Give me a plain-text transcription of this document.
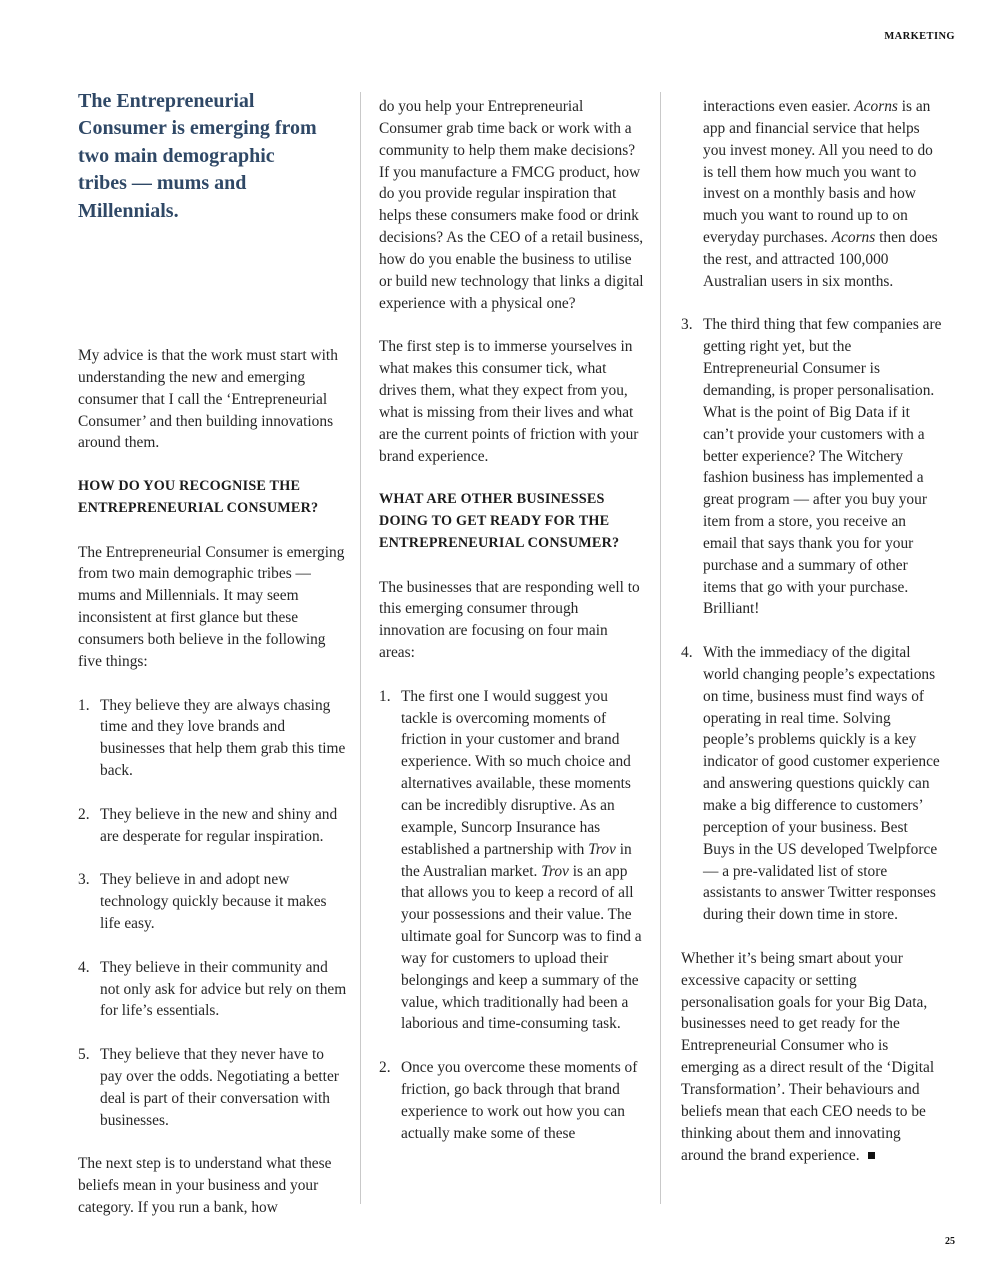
MARKETING

The Entrepreneurial Consumer is emerging from two main demographic tribes — mums and Millennials.

My advice is that the work must start with understanding the new and emerging consumer that I call the ‘Entrepreneurial Consumer’ and then building innovations around them.

HOW DO YOU RECOGNISE THE ENTREPRENEURIAL CONSUMER?

The Entrepreneurial Consumer is emerging from two main demographic tribes — mums and Millennials. It may seem inconsistent at first glance but these consumers both believe in the following five things:

1. They believe they are always chasing time and they love brands and businesses that help them grab this time back.
2. They believe in the new and shiny and are desperate for regular inspiration.
3. They believe in and adopt new technology quickly because it makes life easy.
4. They believe in their community and not only ask for advice but rely on them for life’s essentials.
5. They believe that they never have to pay over the odds. Negotiating a better deal is part of their conversation with businesses.

The next step is to understand what these beliefs mean in your business and your category. If you run a bank, how

do you help your Entrepreneurial Consumer grab time back or work with a community to help them make decisions? If you manufacture a FMCG product, how do you provide regular inspiration that helps these consumers make food or drink decisions? As the CEO of a retail business, how do you enable the business to utilise or build new technology that links a digital experience with a physical one?

The first step is to immerse yourselves in what makes this consumer tick, what drives them, what they expect from you, what is missing from their lives and what are the current points of friction with your brand experience.

WHAT ARE OTHER BUSINESSES DOING TO GET READY FOR THE ENTREPRENEURIAL CONSUMER?

The businesses that are responding well to this emerging consumer through innovation are focusing on four main areas:

1. The first one I would suggest you tackle is overcoming moments of friction in your customer and brand experience. With so much choice and alternatives available, these moments can be incredibly disruptive. As an example, Suncorp Insurance has established a partnership with Trov in the Australian market. Trov is an app that allows you to keep a record of all your possessions and their value. The ultimate goal for Suncorp was to find a way for customers to upload their belongings and keep a summary of the value, which traditionally had been a laborious and time-consuming task.
2. Once you overcome these moments of friction, go back through that brand experience to work out how you can actually make some of these
interactions even easier. Acorns is an app and financial service that helps you invest money. All you need to do is tell them how much you want to invest on a monthly basis and how much you want to round up to on everyday purchases. Acorns then does the rest, and attracted 100,000 Australian users in six months.
3. The third thing that few companies are getting right yet, but the Entrepreneurial Consumer is demanding, is proper personalisation. What is the point of Big Data if it can’t provide your customers with a better experience? The Witchery fashion business has implemented a great program — after you buy your item from a store, you receive an email that says thank you for your purchase and a summary of other items that go with your purchase. Brilliant!
4. With the immediacy of the digital world changing people’s expectations on time, business must find ways of operating in real time. Solving people’s problems quickly is a key indicator of good customer experience and answering questions quickly can make a big difference to customers’ perception of your business. Best Buys in the US developed Twelpforce — a pre-validated list of store assistants to answer Twitter responses during their down time in store.

Whether it’s being smart about your excessive capacity or setting personalisation goals for your Big Data, businesses need to get ready for the Entrepreneurial Consumer who is emerging as a direct result of the ‘Digital Transformation’. Their behaviours and beliefs mean that each CEO needs to be thinking about them and innovating around the brand experience.

25
